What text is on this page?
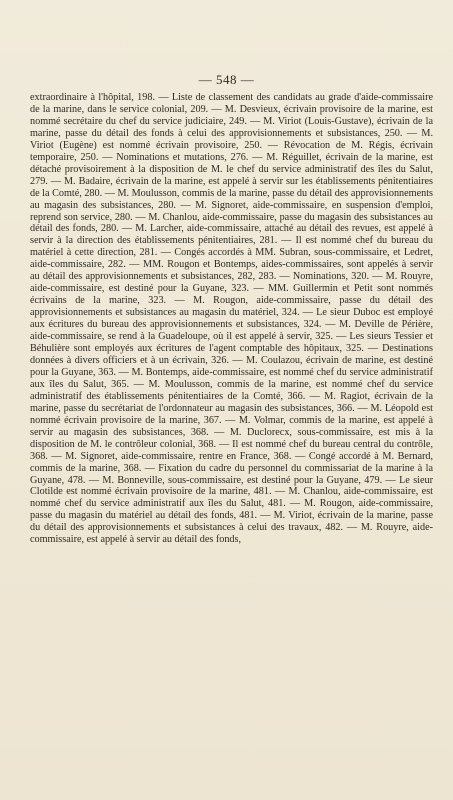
— 548 —

extraordinaire à l'hôpital, 198. — Liste de classement des candidats au grade d'aide-commissaire de la marine, dans le service colonial, 209. — M. Desvieux, écrivain provisoire de la marine, est nommé secrétaire du chef du service judiciaire, 249. — M. Viriot (Louis-Gustave), écrivain de la marine, passe du détail des fonds à celui des approvisionnements et subsistances, 250. — M. Viriot (Eugène) est nommé écrivain provisoire, 250. — Révocation de M. Régis, écrivain temporaire, 250. — Nominations et mutations, 276. — M. Réguillet, écrivain de la marine, est détaché provisoirement à la disposition de M. le chef du service administratif des îles du Salut, 279. — M. Badaire, écrivain de la marine, est appelé à servir sur les établissements pénitentiaires de la Comté, 280. — M. Moulusson, commis de la marine, passe du détail des approvisionnements au magasin des subsistances, 280. — M. Signoret, aide-commissaire, en suspension d'emploi, reprend son service, 280. — M. Chanlou, aide-commissaire, passe du magasin des subsistances au détail des fonds, 280. — M. Larcher, aide-commissaire, attaché au détail des revues, est appelé à servir à la direction des établissements pénitentiaires, 281. — Il est nommé chef du bureau du matériel à cette direction, 281. — Congés accordés à MM. Subran, sous-commissaire, et Ledret, aide-commissaire, 282. — MM. Rougon et Bontemps, aides-commissaires, sont appelés à servir au détail des approvisionnements et subsistances, 282, 283. — Nominations, 320. — M. Rouyre, aide-commissaire, est destiné pour la Guyane, 323. — MM. Guillermin et Petit sont nommés écrivains de la marine, 323. — M. Rougon, aide-commissaire, passe du détail des approvisionnements et subsistances au magasin du matériel, 324. — Le sieur Duboc est employé aux écritures du bureau des approvisionnements et subsistances, 324. — M. Deville de Périère, aide-commissaire, se rend à la Guadeloupe, où il est appelé à servir, 325. — Les sieurs Tessier et Béhulière sont employés aux écritures de l'agent comptable des hôpitaux, 325. — Destinations données à divers officiers et à un écrivain, 326. — M. Coulazou, écrivain de marine, est destiné pour la Guyane, 363. — M. Bontemps, aide-commissaire, est nommé chef du service administratif aux îles du Salut, 365. — M. Moulusson, commis de la marine, est nommé chef du service administratif des établissements pénitentiaires de la Comté, 366. — M. Ragiot, écrivain de la marine, passe du secrétariat de l'ordonnateur au magasin des subsistances, 366. — M. Léopold est nommé écrivain provisoire de la marine, 367. — M. Volmar, commis de la marine, est appelé à servir au magasin des subsistances, 368. — M. Duclorecx, sous-commissaire, est mis à la disposition de M. le contrôleur colonial, 368. — Il est nommé chef du bureau central du contrôle, 368. — M. Signoret, aide-commissaire, rentre en France, 368. — Congé accordé à M. Bernard, commis de la marine, 368. — Fixation du cadre du personnel du commissariat de la marine à la Guyane, 478. — M. Bonneville, sous-commissaire, est destiné pour la Guyane, 479. — Le sieur Clotilde est nommé écrivain provisoire de la marine, 481. — M. Chanlou, aide-commissaire, est nommé chef du service administratif aux îles du Salut, 481. — M. Rougon, aide-commissaire, passe du magasin du matériel au détail des fonds, 481. — M. Viriot, écrivain de la marine, passe du détail des approvisionnements et subsistances à celui des travaux, 482. — M. Rouyre, aide-commissaire, est appelé à servir au détail des fonds,
